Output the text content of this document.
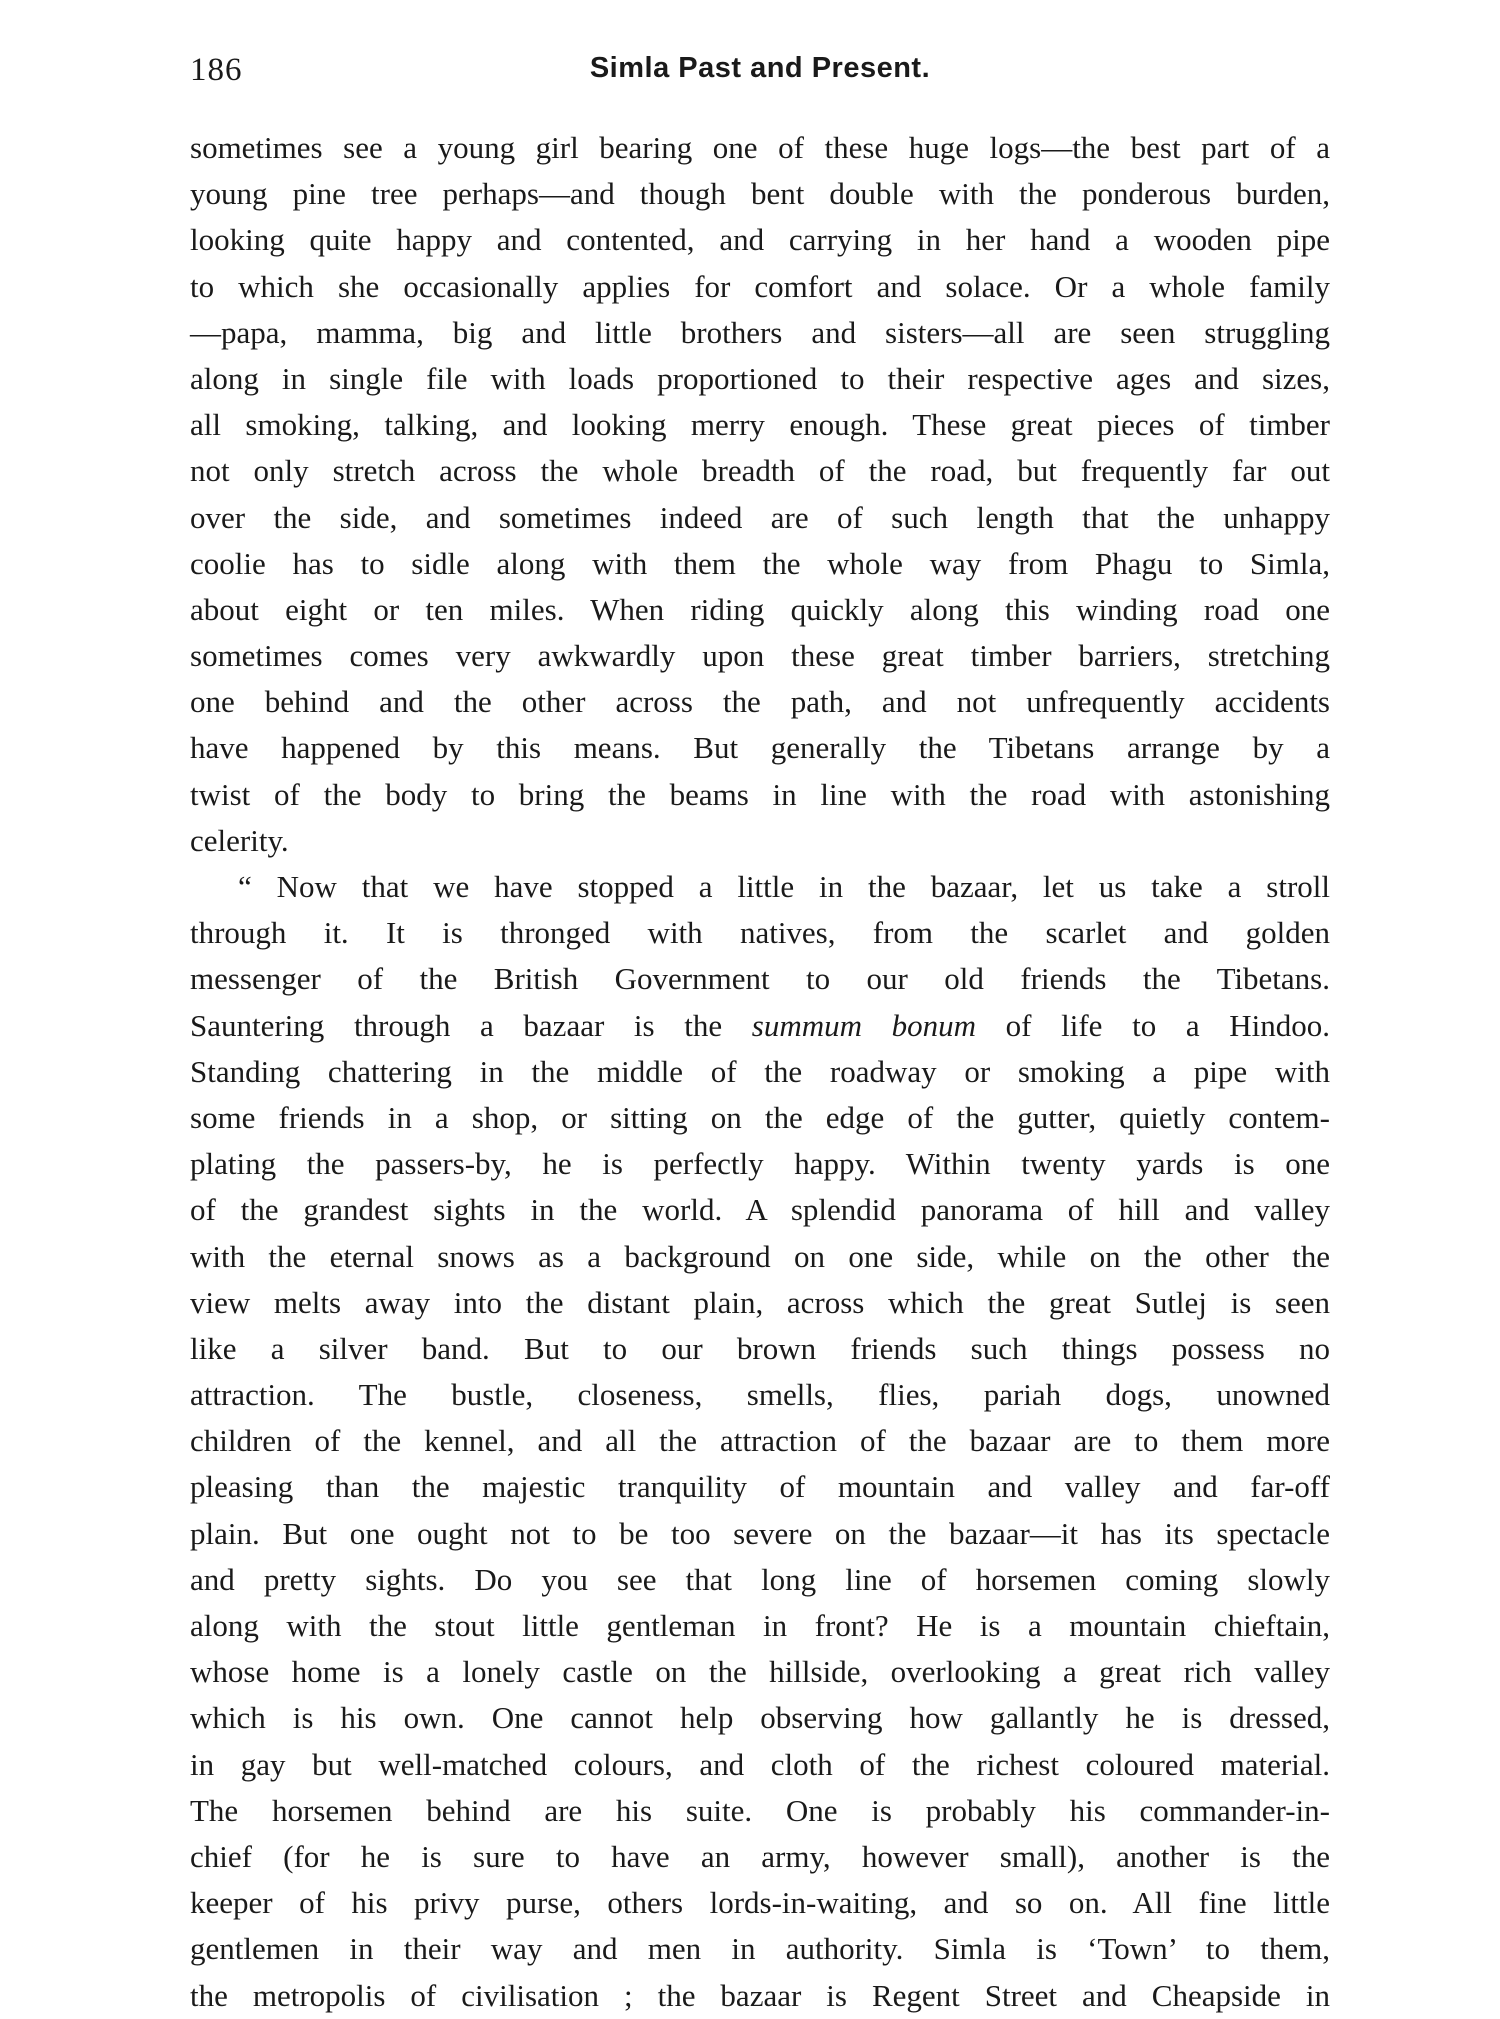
186	Simla Past and Present.
sometimes see a young girl bearing one of these huge logs—the best part of a
young pine tree perhaps—and though bent double with the ponderous burden,
looking quite happy and contented, and carrying in her hand a wooden pipe
to which she occasionally applies for comfort and solace. Or a whole family
—papa, mamma, big and little brothers and sisters—all are seen struggling
along in single file with loads proportioned to their respective ages and sizes,
all smoking, talking, and looking merry enough. These great pieces of timber
not only stretch across the whole breadth of the road, but frequently far out
over the side, and sometimes indeed are of such length that the unhappy
coolie has to sidle along with them the whole way from Phagu to Simla,
about eight or ten miles. When riding quickly along this winding road one
sometimes comes very awkwardly upon these great timber barriers, stretching
one behind and the other across the path, and not unfrequently accidents
have happened by this means. But generally the Tibetans arrange by a
twist of the body to bring the beams in line with the road with astonishing
celerity.
“ Now that we have stopped a little in the bazaar, let us take a stroll
through it. It is thronged with natives, from the scarlet and golden
messenger of the British Government to our old friends the Tibetans.
Sauntering through a bazaar is the summum bonum of life to a Hindoo.
Standing chattering in the middle of the roadway or smoking a pipe with
some friends in a shop, or sitting on the edge of the gutter, quietly contem-
plating the passers-by, he is perfectly happy. Within twenty yards is one
of the grandest sights in the world. A splendid panorama of hill and valley
with the eternal snows as a background on one side, while on the other the
view melts away into the distant plain, across which the great Sutlej is seen
like a silver band. But to our brown friends such things possess no
attraction. The bustle, closeness, smells, flies, pariah dogs, unowned
children of the kennel, and all the attraction of the bazaar are to them more
pleasing than the majestic tranquility of mountain and valley and far-off
plain. But one ought not to be too severe on the bazaar—it has its spectacle
and pretty sights. Do you see that long line of horsemen coming slowly
along with the stout little gentleman in front? He is a mountain chieftain,
whose home is a lonely castle on the hillside, overlooking a great rich valley
which is his own. One cannot help observing how gallantly he is dressed,
in gay but well-matched colours, and cloth of the richest coloured material.
The horsemen behind are his suite. One is probably his commander-in-
chief (for he is sure to have an army, however small), another is the
keeper of his privy purse, others lords-in-waiting, and so on. All fine little
gentlemen in their way and men in authority. Simla is ‘Town’ to them,
the metropolis of civilisation ; the bazaar is Regent Street and Cheapside in
